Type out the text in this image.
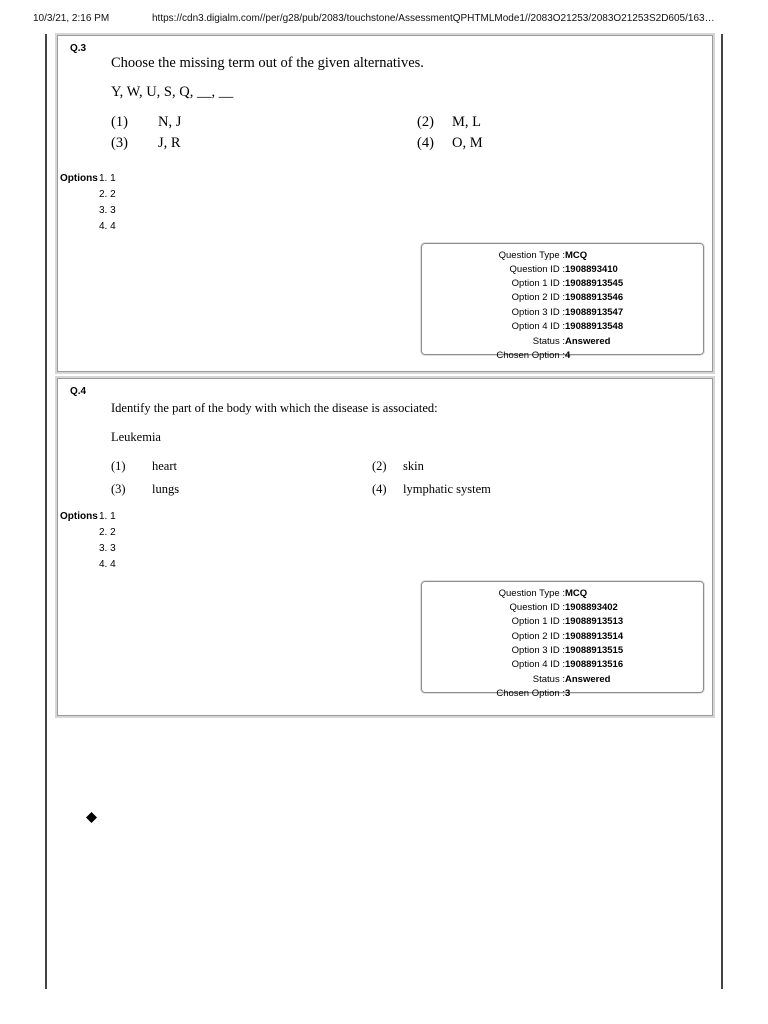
10/3/21, 2:16 PM	https://cdn3.digialm.com//per/g28/pub/2083/touchstone/AssessmentQPHTMLMode1//2083O21253/2083O21253S2D605/163…
Q.3
Choose the missing term out of the given alternatives.
Y, W, U, S, Q, __, __
(1) N, J	(2) M, L
(3) J, R	(4) O, M
Options 1. 1
2. 2
3. 3
4. 4
Question Type : MCQ
Question ID : 1908893410
Option 1 ID : 19088913545
Option 2 ID : 19088913546
Option 3 ID : 19088913547
Option 4 ID : 19088913548
Status : Answered
Chosen Option : 4
Q.4
Identify the part of the body with which the disease is associated:
Leukemia
(1) heart	(2) skin
(3) lungs	(4) lymphatic system
Options 1. 1
2. 2
3. 3
4. 4
Question Type : MCQ
Question ID : 1908893402
Option 1 ID : 19088913513
Option 2 ID : 19088913514
Option 3 ID : 19088913515
Option 4 ID : 19088913516
Status : Answered
Chosen Option : 3
